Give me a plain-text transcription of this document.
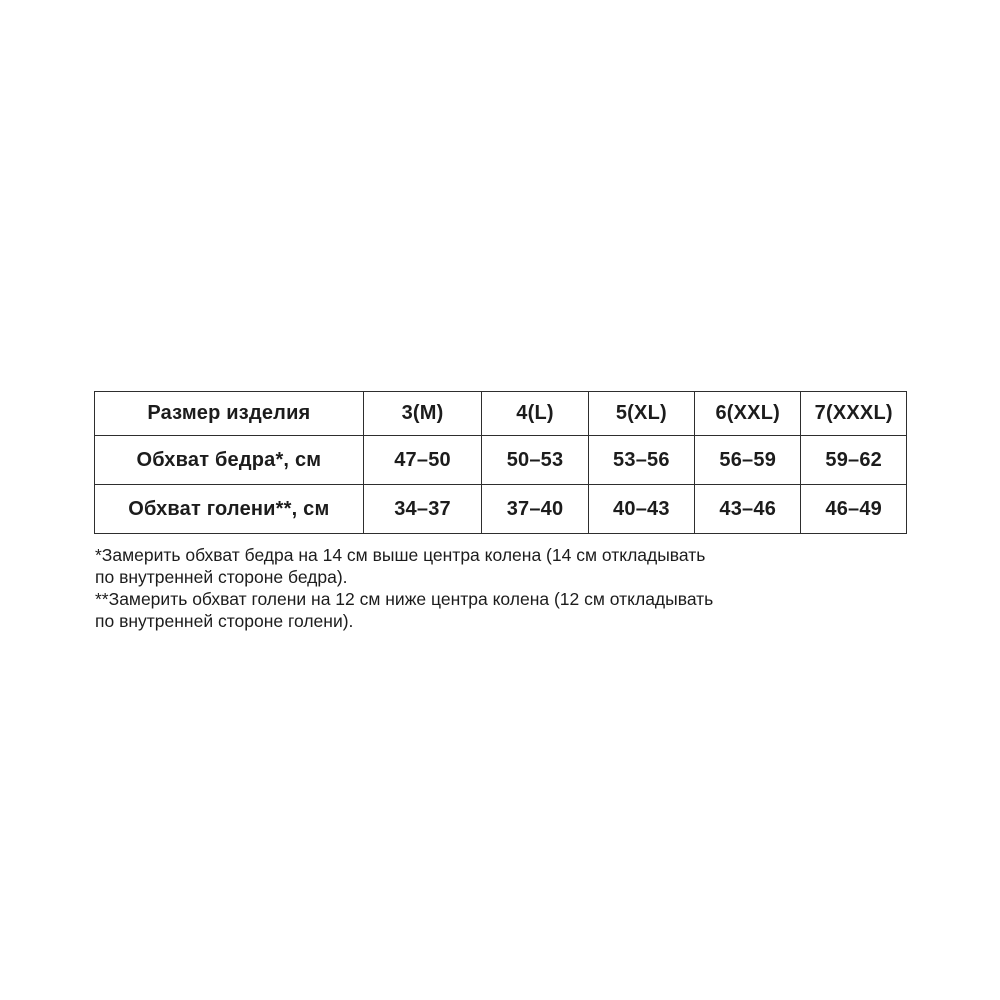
Размер изделия	3(M)	4(L)	5(XL)	6(XXL)	7(XXXL)
Обхват бедра*, см	47–50	50–53	53–56	56–59	59–62
Обхват голени**, см	34–37	37–40	40–43	43–46	46–49
*Замерить обхват бедра на 14 см выше центра колена (14 см откладывать
по внутренней стороне бедра).
**Замерить обхват голени на 12 см ниже центра колена (12 см откладывать
по внутренней стороне голени).
